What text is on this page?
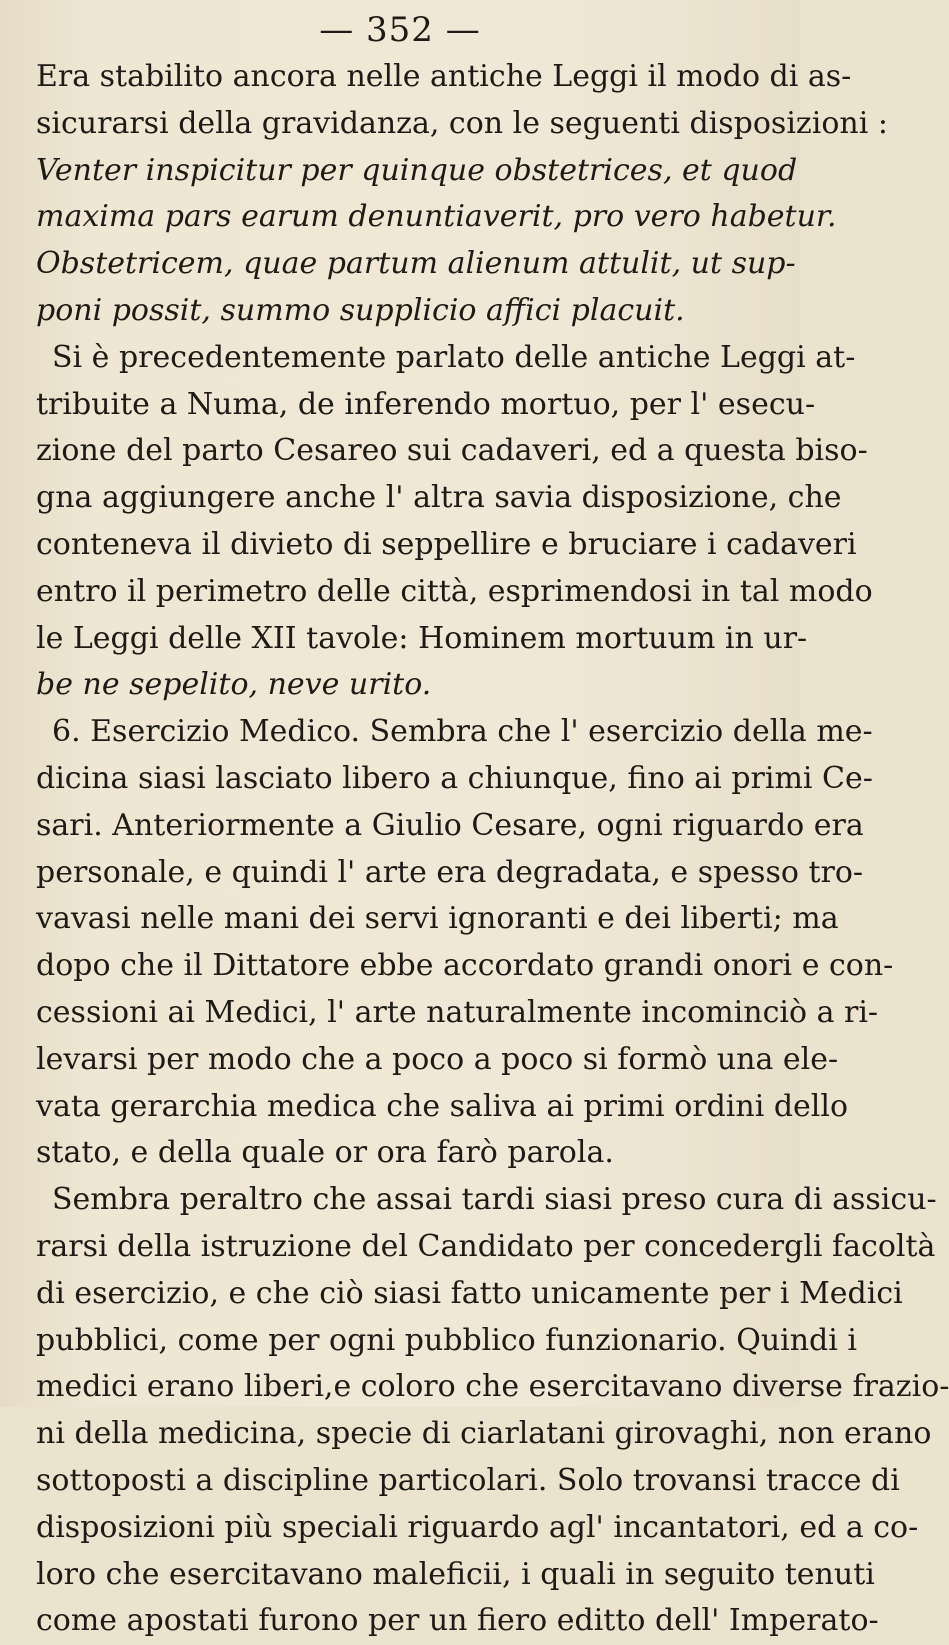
— 352 —
Era stabilito ancora nelle antiche Leggi il modo di as-
sicurarsi della gravidanza, con le seguenti disposizioni :
Venter inspicitur per quinque obstetrices, et quod
maxima pars earum denuntiaverit, pro vero habetur.
Obstetricem, quae partum alienum attulit, ut sup-
poni possit, summo supplicio affici placuit.
Si è precedentemente parlato delle antiche Leggi at-
tribuite a Numa, de inferendo mortuo, per l' esecu-
zione del parto Cesareo sui cadaveri, ed a questa biso-
gna aggiungere anche l' altra savia disposizione, che
conteneva il divieto di seppellire e bruciare i cadaveri
entro il perimetro delle città, esprimendosi in tal modo
le Leggi delle XII tavole: Hominem mortuum in ur-
be ne sepelito, neve urito.
6. Esercizio Medico. Sembra che l' esercizio della me-
dicina siasi lasciato libero a chiunque, fino ai primi Ce-
sari. Anteriormente a Giulio Cesare, ogni riguardo era
personale, e quindi l' arte era degradata, e spesso tro-
vavasi nelle mani dei servi ignoranti e dei liberti; ma
dopo che il Dittatore ebbe accordato grandi onori e con-
cessioni ai Medici, l' arte naturalmente incominciò a ri-
levarsi per modo che a poco a poco si formò una ele-
vata gerarchia medica che saliva ai primi ordini dello
stato, e della quale or ora farò parola.
Sembra peraltro che assai tardi siasi preso cura di assicu-
rarsi della istruzione del Candidato per concedergli facoltà
di esercizio, e che ciò siasi fatto unicamente per i Medici
pubblici, come per ogni pubblico funzionario. Quindi i
medici erano liberi,e coloro che esercitavano diverse frazio-
ni della medicina, specie di ciarlatani girovaghi, non erano
sottoposti a discipline particolari. Solo trovansi tracce di
disposizioni più speciali riguardo agl' incantatori, ed a co-
loro che esercitavano maleficii, i quali in seguito tenuti
come apostati furono per un fiero editto dell' Imperato-
